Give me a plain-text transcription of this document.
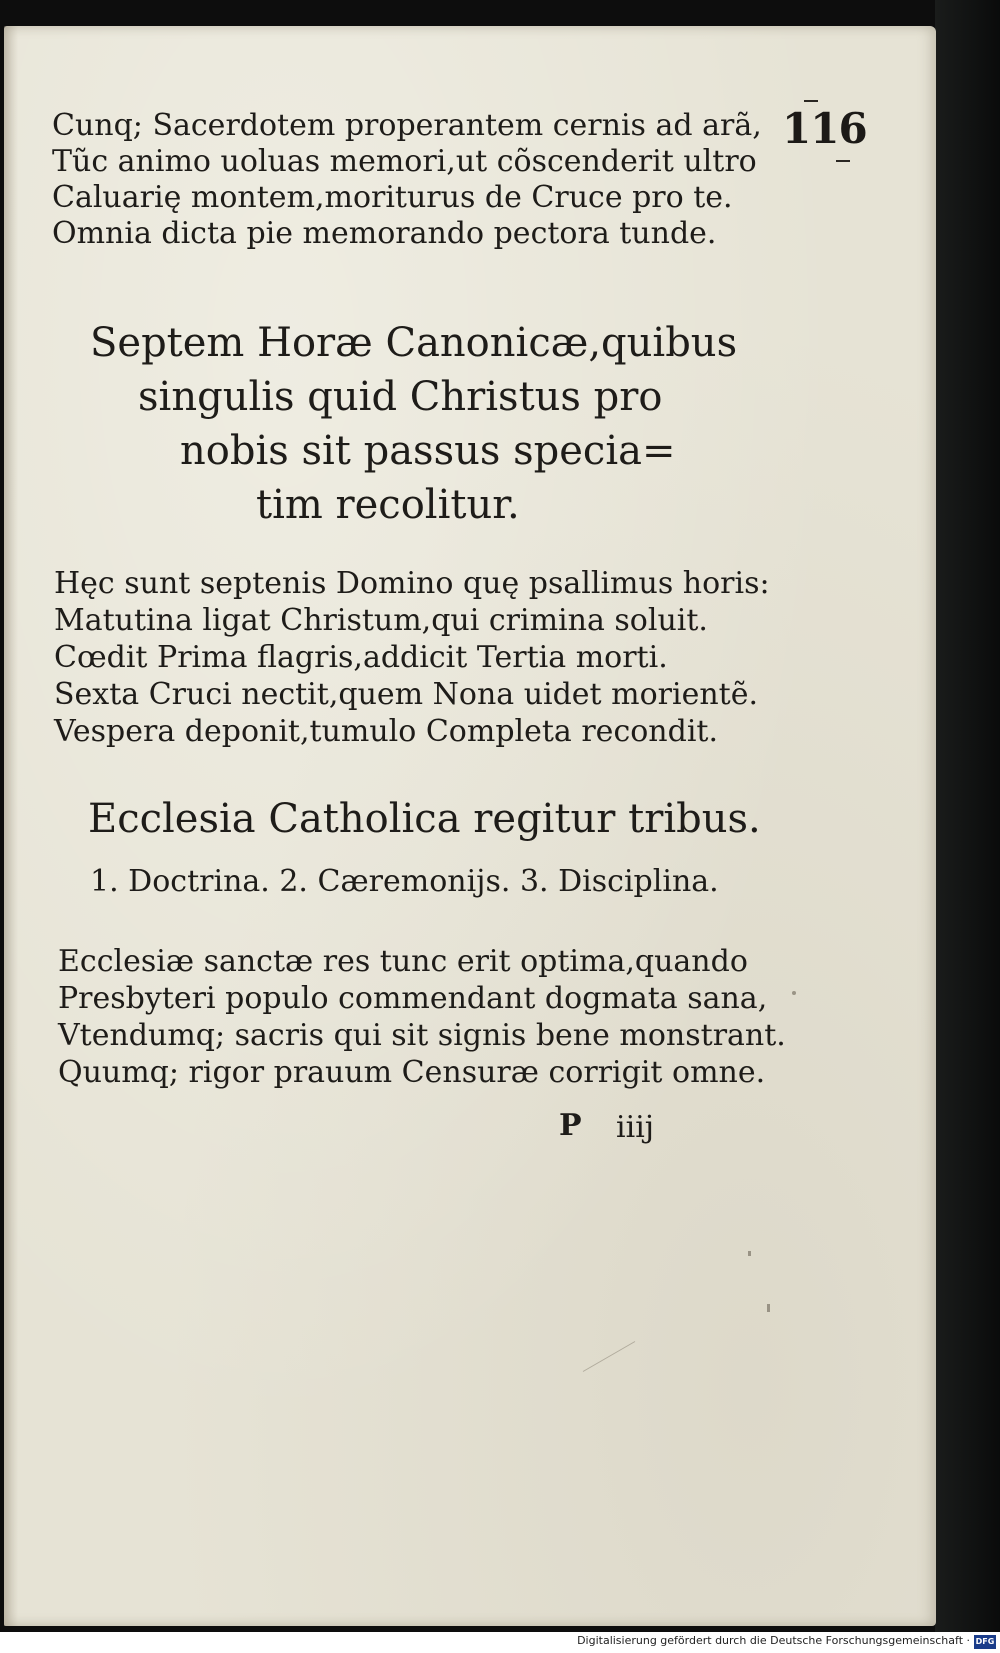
116
Cunq; Sacerdotem properantem cernis ad arã,
Tũc animo uoluas memori,ut cõscenderit ultro
Caluarię montem,moriturus de Cruce pro te.
Omnia dicta pie memorando pectora tunde.
Septem Horæ Canonicæ,quibus
singulis quid Christus pro
nobis sit passus specia=
tim recolitur.
Hęc sunt septenis Domino quę psallimus horis:
Matutina ligat Christum,qui crimina soluit.
Cœdit Prima flagris,addicit Tertia morti.
Sexta Cruci nectit,quem Nona uidet morientẽ.
Vespera deponit,tumulo Completa recondit.
Ecclesia Catholica regitur tribus.
1. Doctrina. 2. Cæremonijs. 3. Disciplina.
Ecclesiæ sanctæ res tunc erit optima,quando
Presbyteri populo commendant dogmata sana,
Vtendumq; sacris qui sit signis bene monstrant.
Quumq; rigor prauum Censuræ corrigit omne.
P iiij
Digitalisierung gefördert durch die Deutsche Forschungsgemeinschaft · DFG
